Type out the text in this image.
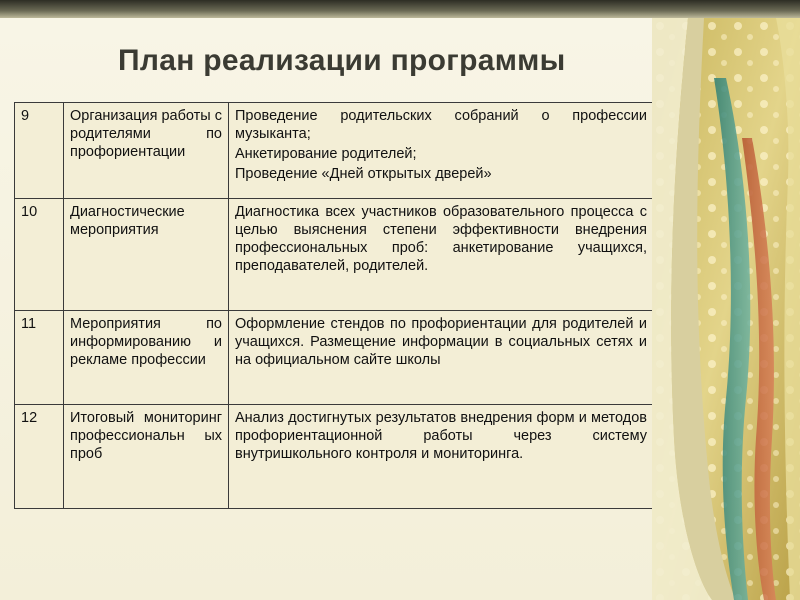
План реализации программы
9	Организация работы с родителями по профориентации	Проведение родительских собраний о профессии музыканта;

Анкетирование родителей;

Проведение «Дней открытых дверей»

10	Диагностические мероприятия	Диагностика всех участников образовательного процесса с целью выяснения степени эффективности внедрения профессиональных проб: анкетирование учащихся, преподавателей, родителей.

11	Мероприятия по информированию и рекламе профессии	Оформление стендов по профориентации для родителей и учащихся. Размещение информации в социальных сетях и на официальном сайте школы

12	Итоговый мониторинг профессиональн ых проб	Анализ достигнутых результатов внедрения форм и методов профориентационной работы через систему внутришкольного контроля и мониторинга.
